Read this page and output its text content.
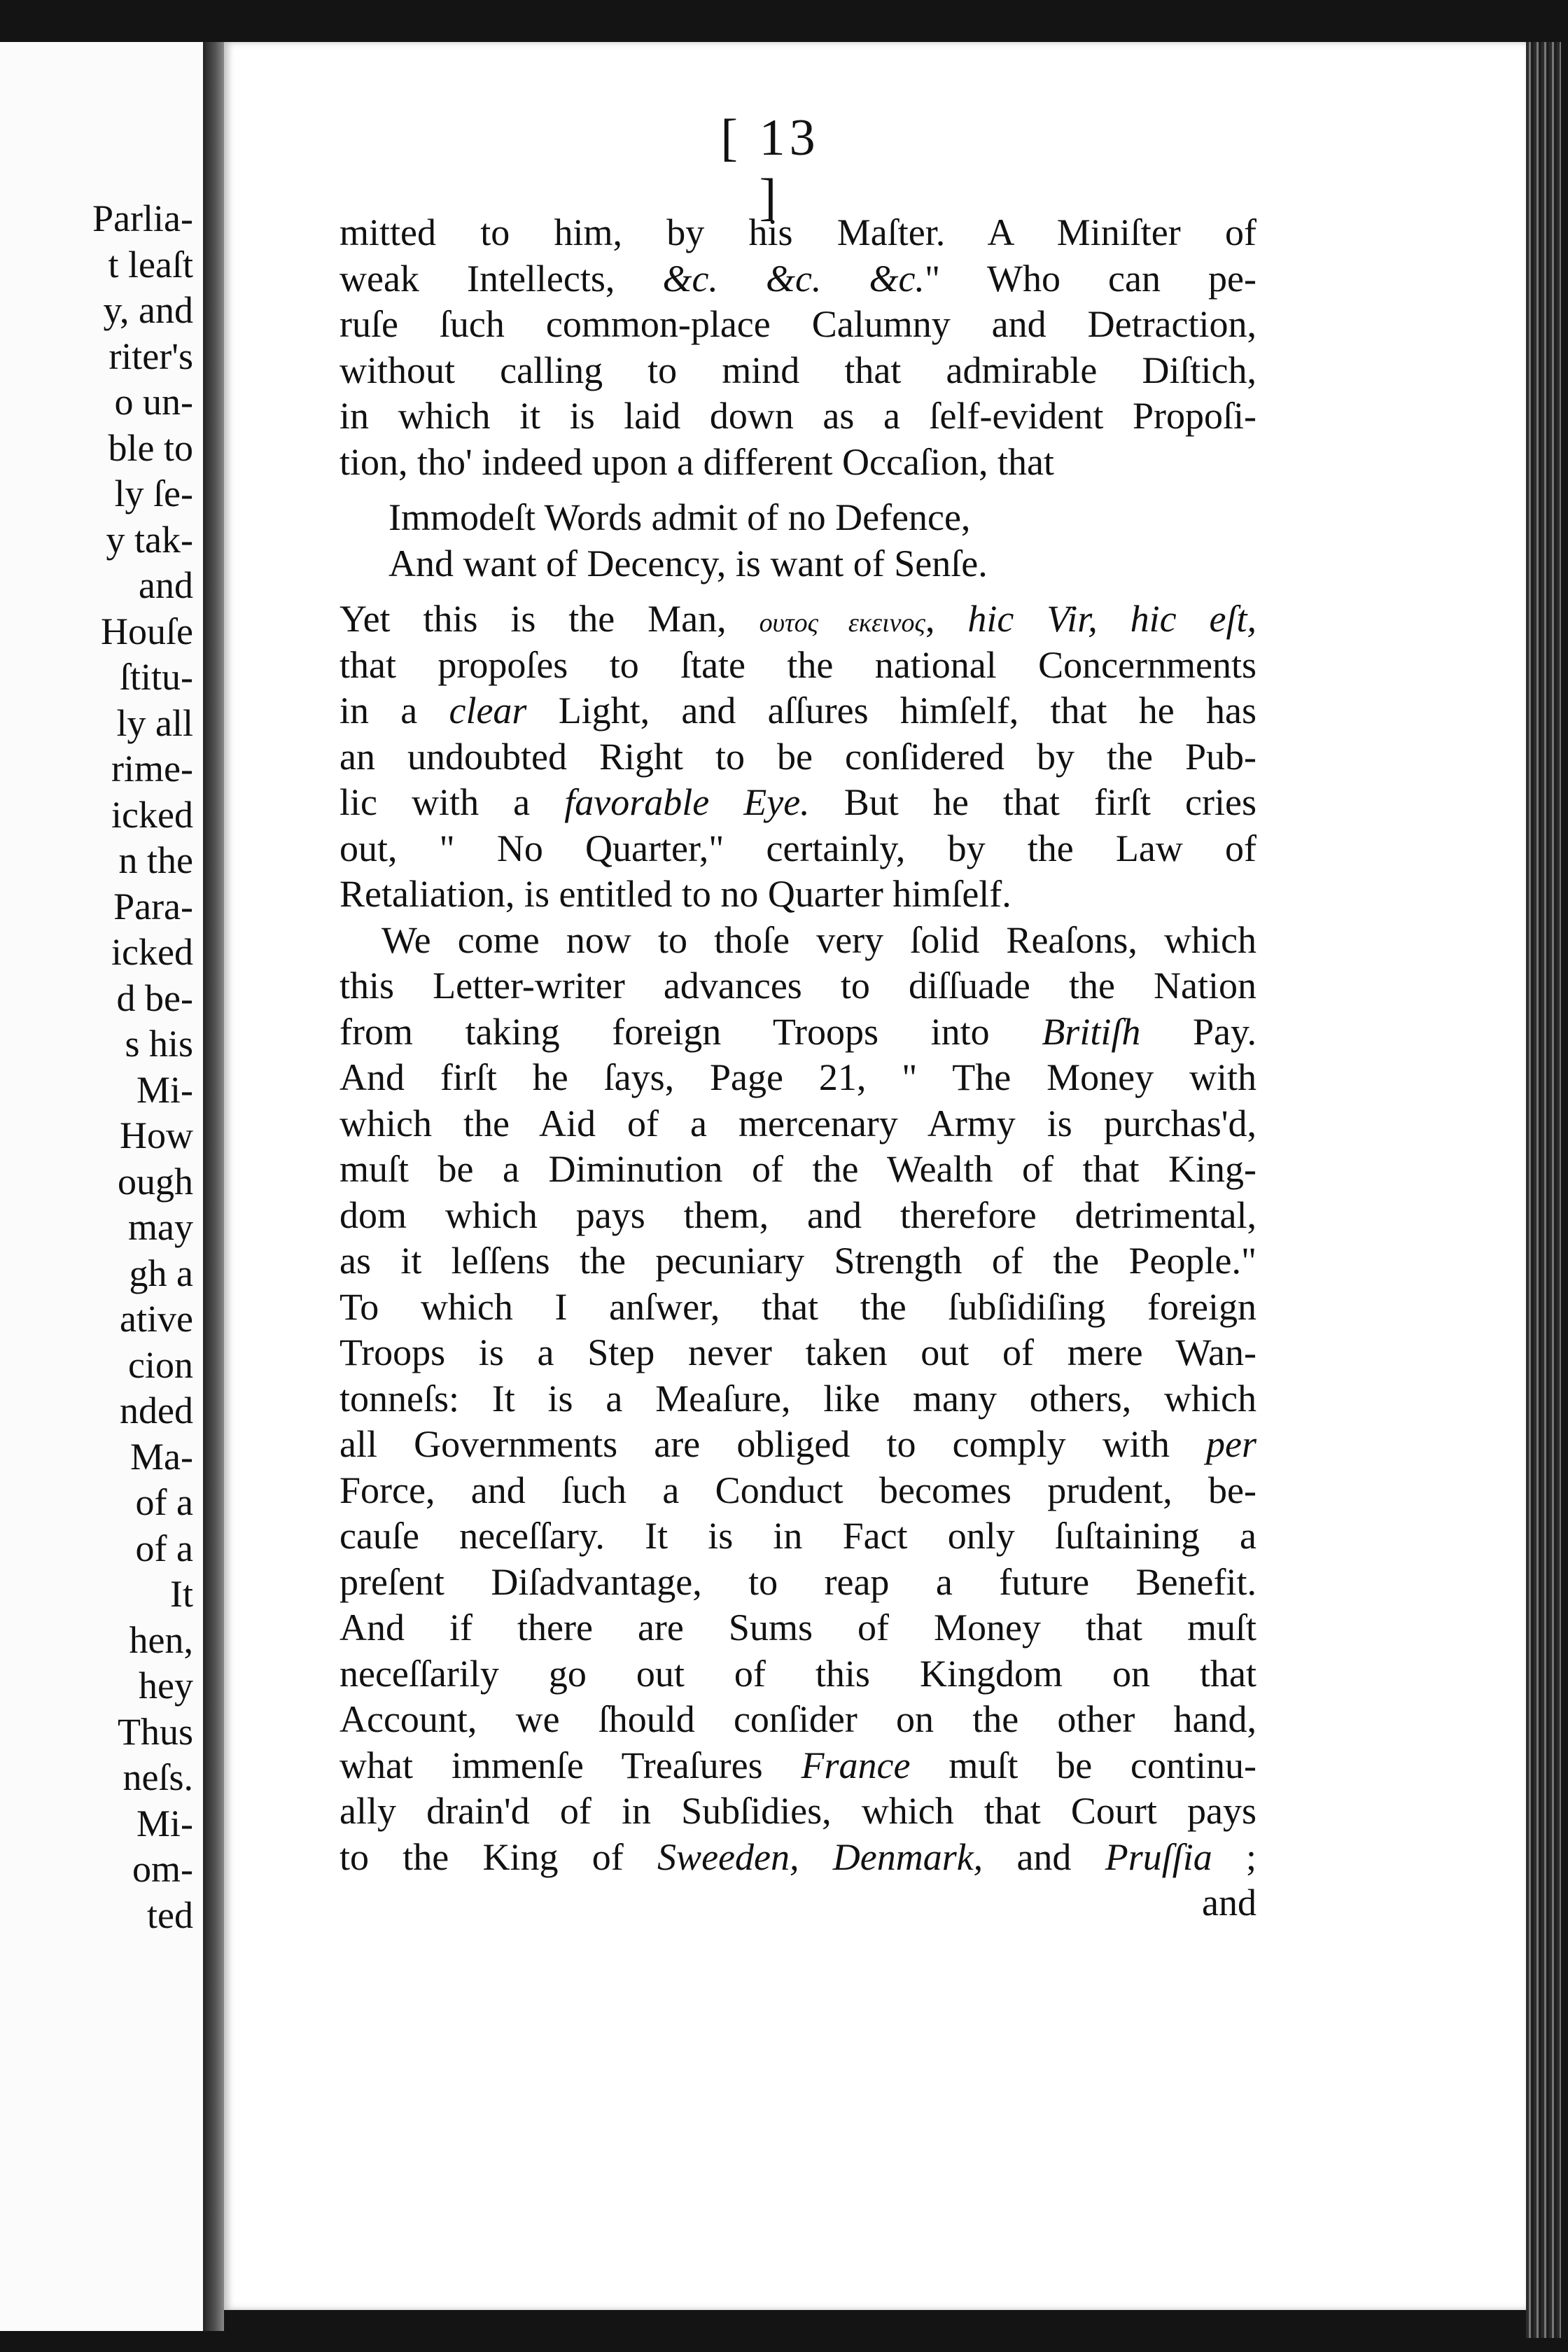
Parlia-
t leaſt
y, and
riter's
o un-
ble to
ly ſe-
y tak-
and
Houſe
ſtitu-
ly all
rime-
icked
n the
Para-
icked
d be-
s his
Mi-
How
ough
may
gh a
ative
cion
nded
Ma-
of a
of a
It
hen,
hey
Thus
neſs.
Mi-
om-
ted
[ 13 ]
mitted to him, by his Maſter. A Miniſter of
weak Intellects, &c. &c. &c." Who can pe-
ruſe ſuch common-place Calumny and Detraction,
without calling to mind that admirable Diſtich,
in which it is laid down as a ſelf-evident Propoſi-
tion, tho' indeed upon a different Occaſion, that
Immodeſt Words admit of no Defence,
And want of Decency, is want of Senſe.
Yet this is the Man, ουτος εκεινος, hic Vir, hic eſt,
that propoſes to ſtate the national Concernments
in a clear Light, and aſſures himſelf, that he has
an undoubted Right to be conſidered by the Pub-
lic with a favorable Eye. But he that firſt cries
out, " No Quarter," certainly, by the Law of
Retaliation, is entitled to no Quarter himſelf.
We come now to thoſe very ſolid Reaſons, which
this Letter-writer advances to diſſuade the Nation
from taking foreign Troops into Britiſh Pay.
And firſt he ſays, Page 21, " The Money with
which the Aid of a mercenary Army is purchas'd,
muſt be a Diminution of the Wealth of that King-
dom which pays them, and therefore detrimental,
as it leſſens the pecuniary Strength of the People."
To which I anſwer, that the ſubſidiſing foreign
Troops is a Step never taken out of mere Wan-
tonneſs: It is a Meaſure, like many others, which
all Governments are obliged to comply with per
Force, and ſuch a Conduct becomes prudent, be-
cauſe neceſſary. It is in Fact only ſuſtaining a
preſent Diſadvantage, to reap a future Benefit.
And if there are Sums of Money that muſt
neceſſarily go out of this Kingdom on that
Account, we ſhould conſider on the other hand,
what immenſe Treaſures France muſt be continu-
ally drain'd of in Subſidies, which that Court pays
to the King of Sweeden, Denmark, and Pruſſia ;
and
